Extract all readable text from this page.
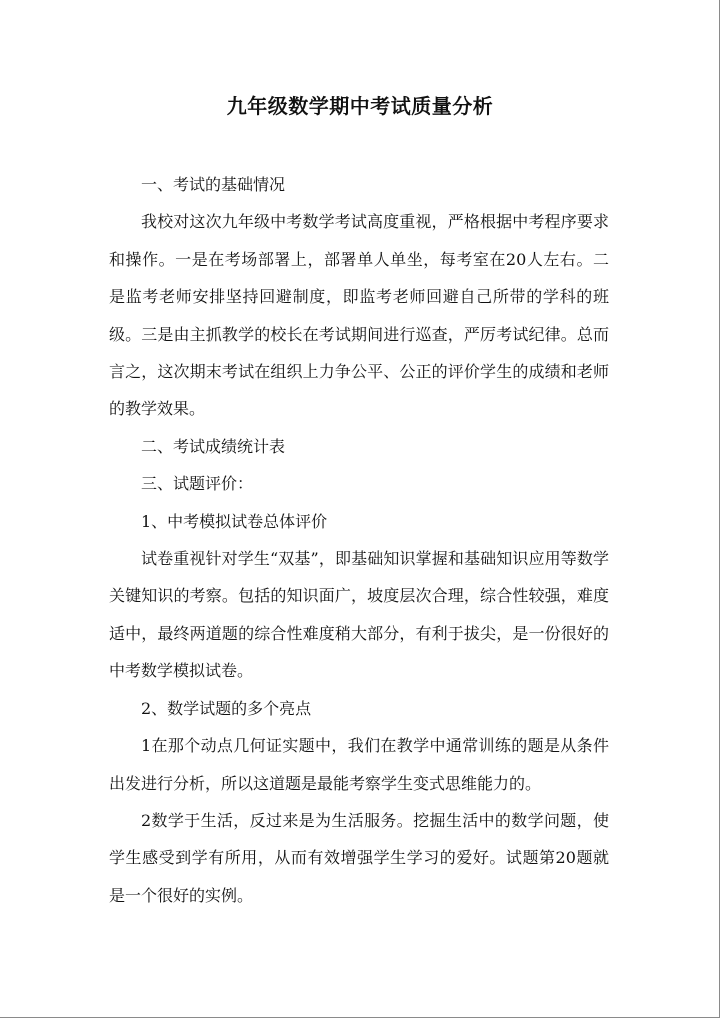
九年级数学期中考试质量分析

一、考试的基础情况

我校对这次九年级中考数学考试高度重视，严格根据中考程序要求和操作。一是在考场部署上，部署单人单坐，每考室在20人左右。二是监考老师安排坚持回避制度，即监考老师回避自己所带的学科的班级。三是由主抓教学的校长在考试期间进行巡查，严厉考试纪律。总而言之，这次期末考试在组织上力争公平、公正的评价学生的成绩和老师的教学效果。

二、考试成绩统计表

三、试题评价：

1、中考模拟试卷总体评价

试卷重视针对学生“双基”，即基础知识掌握和基础知识应用等数学关键知识的考察。包括的知识面广，坡度层次合理，综合性较强，难度适中，最终两道题的综合性难度稍大部分，有利于拔尖，是一份很好的中考数学模拟试卷。

2、数学试题的多个亮点

1在那个动点几何证实题中，我们在教学中通常训练的题是从条件出发进行分析，所以这道题是最能考察学生变式思维能力的。

2数学于生活，反过来是为生活服务。挖掘生活中的数学问题，使学生感受到学有所用，从而有效增强学生学习的爱好。试题第20题就是一个很好的实例。
